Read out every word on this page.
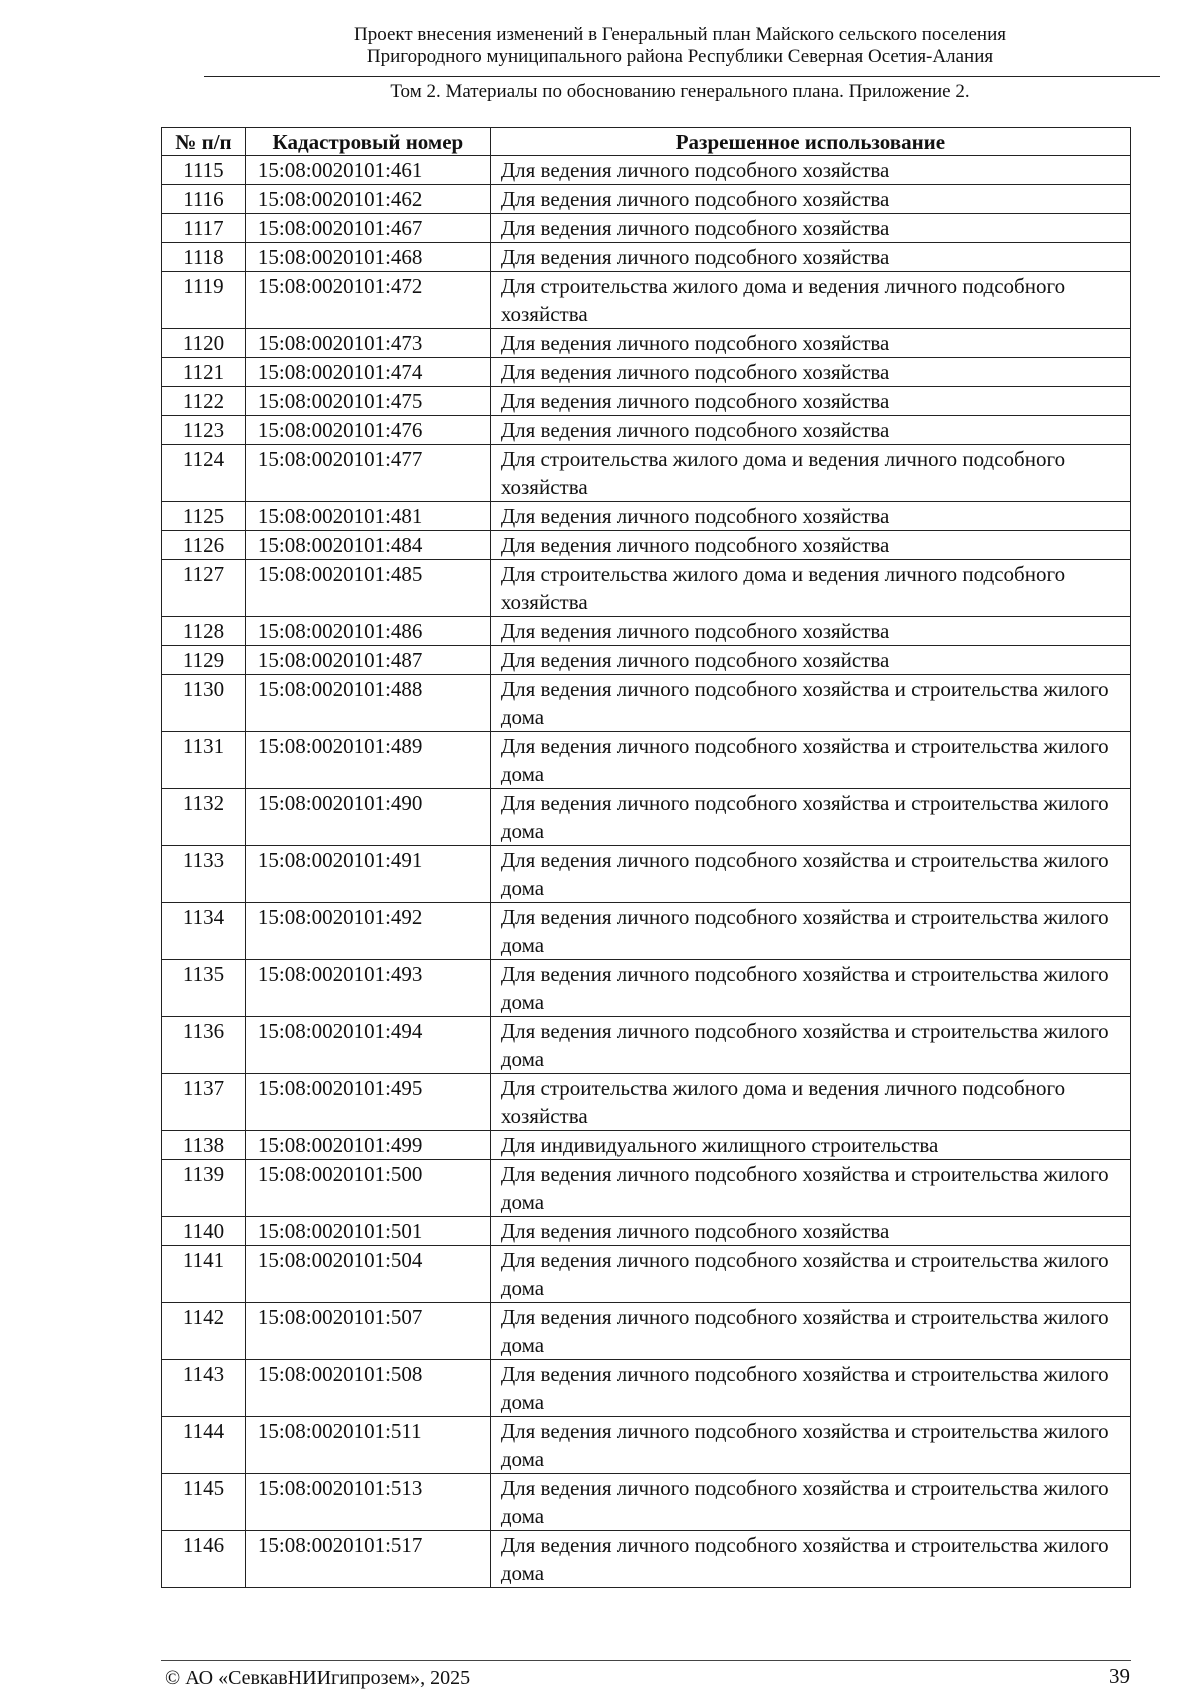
Проект внесения изменений в Генеральный план Майского сельского поселения
Пригородного муниципального района Республики Северная Осетия-Алания
Том 2. Материалы по обоснованию генерального плана. Приложение 2.
№ п/п	Кадастровый номер	Разрешенное использование
1115	15:08:0020101:461	Для ведения личного подсобного хозяйства
1116	15:08:0020101:462	Для ведения личного подсобного хозяйства
1117	15:08:0020101:467	Для ведения личного подсобного хозяйства
1118	15:08:0020101:468	Для ведения личного подсобного хозяйства
1119	15:08:0020101:472	Для строительства жилого дома и ведения личного подсобного хозяйства
1120	15:08:0020101:473	Для ведения личного подсобного хозяйства
1121	15:08:0020101:474	Для ведения личного подсобного хозяйства
1122	15:08:0020101:475	Для ведения личного подсобного хозяйства
1123	15:08:0020101:476	Для ведения личного подсобного хозяйства
1124	15:08:0020101:477	Для строительства жилого дома и ведения личного подсобного хозяйства
1125	15:08:0020101:481	Для ведения личного подсобного хозяйства
1126	15:08:0020101:484	Для ведения личного подсобного хозяйства
1127	15:08:0020101:485	Для строительства жилого дома и ведения личного подсобного хозяйства
1128	15:08:0020101:486	Для ведения личного подсобного хозяйства
1129	15:08:0020101:487	Для ведения личного подсобного хозяйства
1130	15:08:0020101:488	Для ведения личного подсобного хозяйства и строительства жилого дома
1131	15:08:0020101:489	Для ведения личного подсобного хозяйства и строительства жилого дома
1132	15:08:0020101:490	Для ведения личного подсобного хозяйства и строительства жилого дома
1133	15:08:0020101:491	Для ведения личного подсобного хозяйства и строительства жилого дома
1134	15:08:0020101:492	Для ведения личного подсобного хозяйства и строительства жилого дома
1135	15:08:0020101:493	Для ведения личного подсобного хозяйства и строительства жилого дома
1136	15:08:0020101:494	Для ведения личного подсобного хозяйства и строительства жилого дома
1137	15:08:0020101:495	Для строительства жилого дома и ведения личного подсобного хозяйства
1138	15:08:0020101:499	Для индивидуального жилищного строительства
1139	15:08:0020101:500	Для ведения личного подсобного хозяйства и строительства жилого дома
1140	15:08:0020101:501	Для ведения личного подсобного хозяйства
1141	15:08:0020101:504	Для ведения личного подсобного хозяйства и строительства жилого дома
1142	15:08:0020101:507	Для ведения личного подсобного хозяйства и строительства жилого дома
1143	15:08:0020101:508	Для ведения личного подсобного хозяйства и строительства жилого дома
1144	15:08:0020101:511	Для ведения личного подсобного хозяйства и строительства жилого дома
1145	15:08:0020101:513	Для ведения личного подсобного хозяйства и строительства жилого дома
1146	15:08:0020101:517	Для ведения личного подсобного хозяйства и строительства жилого дома
© АО «СевкавНИИгипрозем», 2025	39
